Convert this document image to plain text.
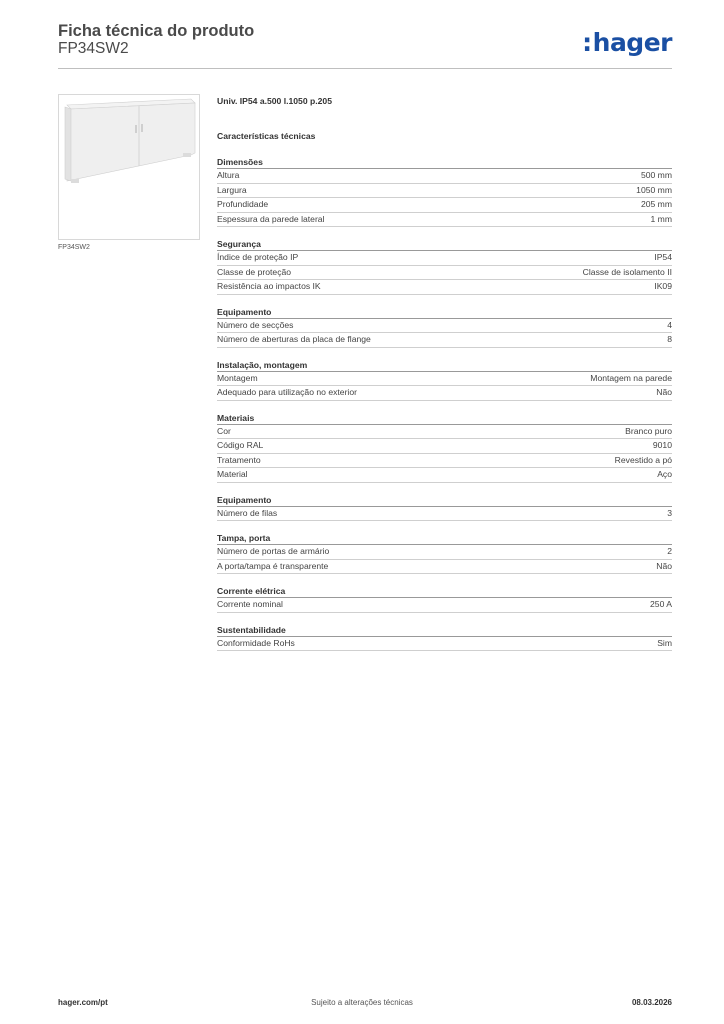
Ficha técnica do produto
FP34SW2	:hager
FP34SW2
Univ. IP54 a.500 l.1050 p.205
Características técnicas
Dimensões
Altura	500 mm
Largura	1050 mm
Profundidade	205 mm
Espessura da parede lateral	1 mm
Segurança
Índice de proteção IP	IP54
Classe de proteção	Classe de isolamento II
Resistência ao impactos IK	IK09
Equipamento
Número de secções	4
Número de aberturas da placa de flange	8
Instalação, montagem
Montagem	Montagem na parede
Adequado para utilização no exterior	Não
Materiais
Cor	Branco puro
Código RAL	9010
Tratamento	Revestido a pó
Material	Aço
Equipamento
Número de filas	3
Tampa, porta
Número de portas de armário	2
A porta/tampa é transparente	Não
Corrente elétrica
Corrente nominal	250 A
Sustentabilidade
Conformidade RoHs	Sim
hager.com/pt	Sujeito a alterações técnicas	08.03.2026
